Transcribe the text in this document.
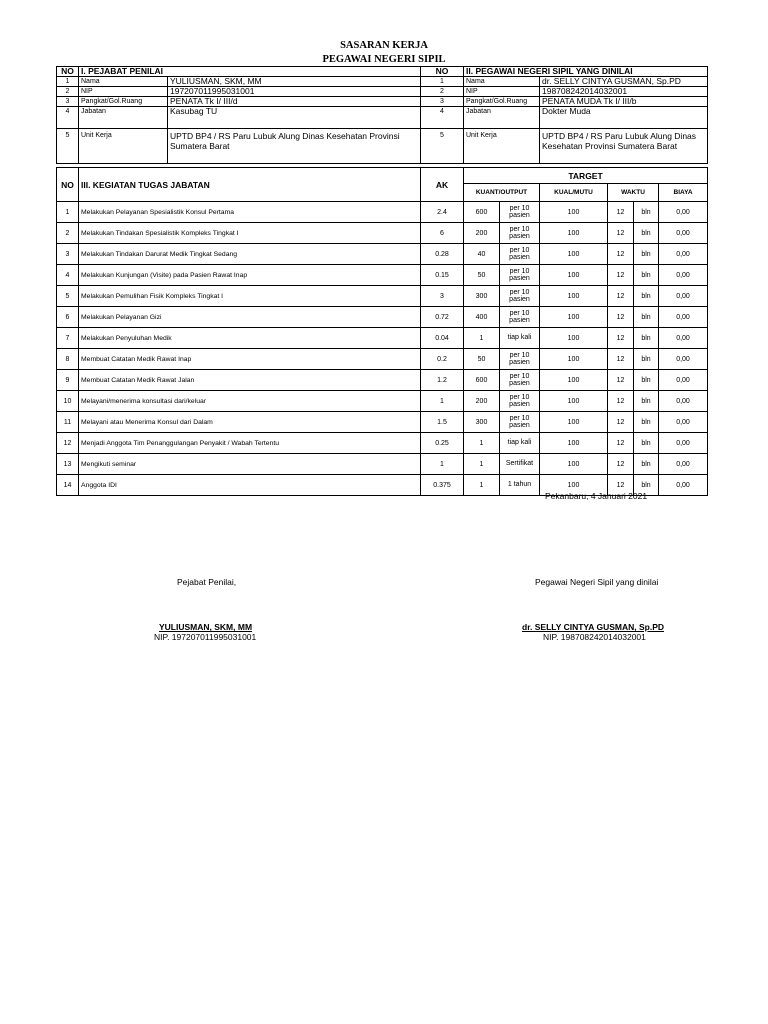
SASARAN KERJA
PEGAWAI NEGERI SIPIL
NO	I. PEJABAT PENILAI		NO	II. PEGAWAI NEGERI SIPIL YANG DINILAI	
1	Nama	YULIUSMAN, SKM, MM	1	Nama	dr. SELLY CINTYA GUSMAN, Sp.PD
2	NIP	197207011995031001	2	NIP	198708242014032001
3	Pangkat/Gol.Ruang	PENATA Tk I/ III/d	3	Pangkat/Gol.Ruang	PENATA MUDA Tk I/ III/b
4	Jabatan	Kasubag TU	4	Jabatan	Dokter Muda
5	Unit Kerja	UPTD BP4 / RS Paru Lubuk Alung Dinas Kesehatan Provinsi Sumatera Barat	5	Unit Kerja	UPTD BP4 / RS Paru Lubuk Alung Dinas Kesehatan Provinsi Sumatera Barat
NO	III. KEGIATAN TUGAS JABATAN	AK	TARGET					
			KUANT/OUTPUT		KUAL/MUTU	WAKTU		BIAYA
1	Melakukan Pelayanan Spesialistik Konsul Pertama	2.4	600	per 10 pasien	100	12	bln	0,00
2	Melakukan Tindakan Spesialistik Kompleks Tingkat I	6	200	per 10 pasien	100	12	bln	0,00
3	Melakukan Tindakan Darurat Medik Tingkat Sedang	0.28	40	per 10 pasien	100	12	bln	0,00
4	Melakukan Kunjungan (Visite) pada Pasien Rawat Inap	0.15	50	per 10 pasien	100	12	bln	0,00
5	Melakukan Pemulihan Fisik Kompleks Tingkat I	3	300	per 10 pasien	100	12	bln	0,00
6	Melakukan Pelayanan Gizi	0.72	400	per 10 pasien	100	12	bln	0,00
7	Melakukan Penyuluhan Medik	0.04	1	tiap kali	100	12	bln	0,00
8	Membuat Catatan Medik Rawat Inap	0.2	50	per 10 pasien	100	12	bln	0,00
9	Membuat Catatan Medik Rawat Jalan	1.2	600	per 10 pasien	100	12	bln	0,00
10	Melayani/menerima konsultasi dari/keluar	1	200	per 10 pasien	100	12	bln	0,00
11	Melayani atau Menerima Konsul dari Dalam	1.5	300	per 10 pasien	100	12	bln	0,00
12	Menjadi Anggota Tim Penanggulangan Penyakit / Wabah Tertentu	0.25	1	tiap kali	100	12	bln	0,00
13	Mengikuti seminar	1	1	Sertifikat	100	12	bln	0,00
14	Anggota IDI	0.375	1	1 tahun	100	12	bln	0,00
Pekanbaru, 4 Januari 2021
Pejabat Penilai,	Pegawai Negeri Sipil yang dinilai
YULIUSMAN, SKM, MM
NIP. 197207011995031001
dr. SELLY CINTYA GUSMAN, Sp.PD
NIP. 198708242014032001
